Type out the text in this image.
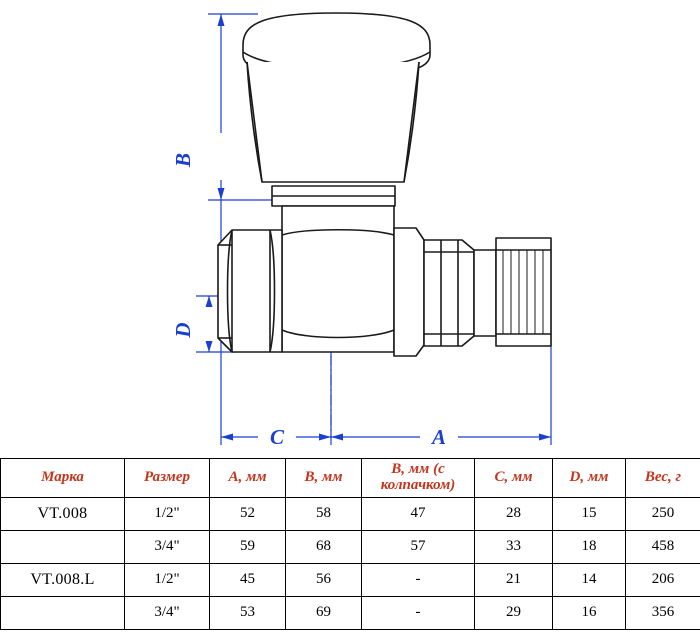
B
D
C	A
Марка	Размер	A, мм	B, мм	B, мм (с колпачком)	C, мм	D, мм	Вес, г
VT.008	1/2"	52	58	47	28	15	250
	3/4"	59	68	57	33	18	458
VT.008.L	1/2"	45	56	-	21	14	206
	3/4"	53	69	-	29	16	356
